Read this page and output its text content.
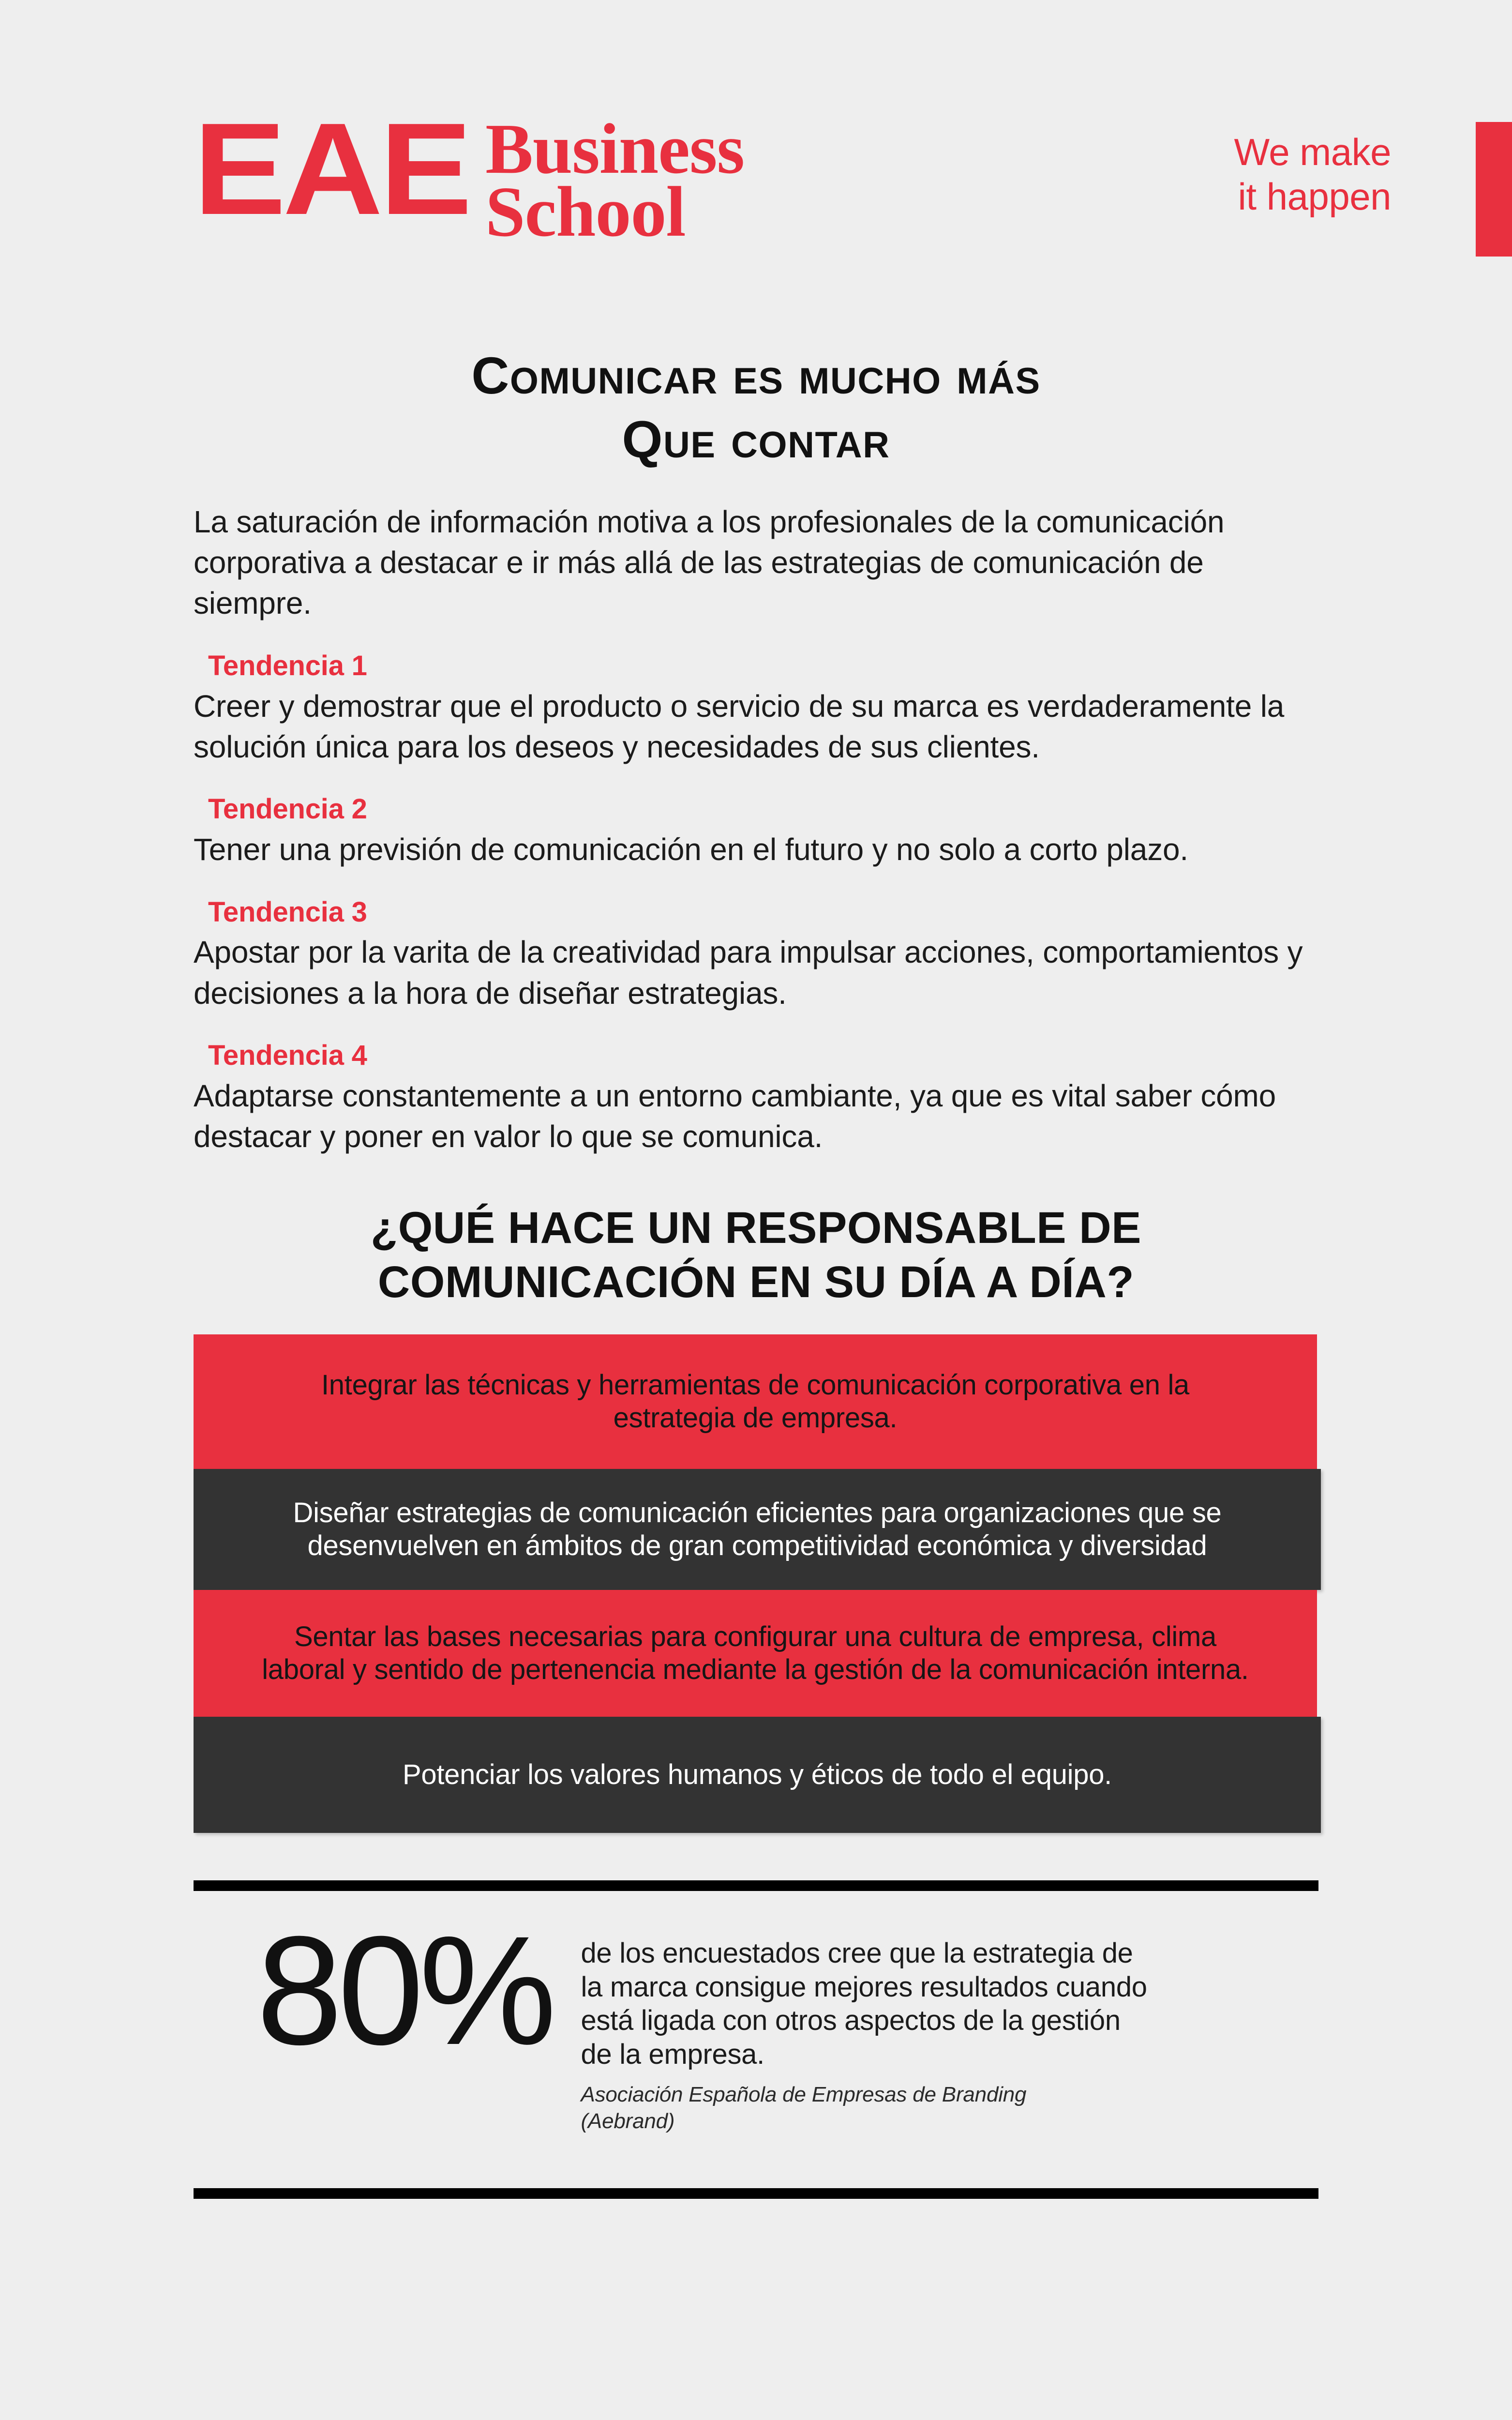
EAE Business
School
We make
it happen
Comunicar es mucho más
Que contar

La saturación de información motiva a los profesionales de la comunicación corporativa a destacar e ir más allá de las estrategias de comunicación de siempre.

Tendencia 1

Creer y demostrar que el producto o servicio de su marca es verdaderamente la solución única para los deseos y necesidades de sus clientes.

Tendencia 2

Tener una previsión de comunicación en el futuro y no solo a corto plazo.

Tendencia 3

Apostar por la varita de la creatividad para impulsar acciones, comportamientos y decisiones a la hora de diseñar estrategias.

Tendencia 4

Adaptarse constantemente a un entorno cambiante, ya que es vital saber cómo destacar y poner en valor lo que se comunica.

¿QUÉ HACE UN RESPONSABLE DE
COMUNICACIÓN EN SU DÍA A DÍA?
Integrar las técnicas y herramientas de comunicación corporativa en la estrategia de empresa.
Diseñar estrategias de comunicación eficientes para organizaciones que se desenvuelven en ámbitos de gran competitividad económica y diversidad
Sentar las bases necesarias para configurar una cultura de empresa, clima laboral y sentido de pertenencia mediante la gestión de la comunicación interna.
Potenciar los valores humanos y éticos de todo el equipo.
80% de los encuestados cree que la estrategia de la marca consigue mejores resultados cuando está ligada con otros aspectos de la gestión de la empresa.

Asociación Española de Empresas de Branding
(Aebrand)
